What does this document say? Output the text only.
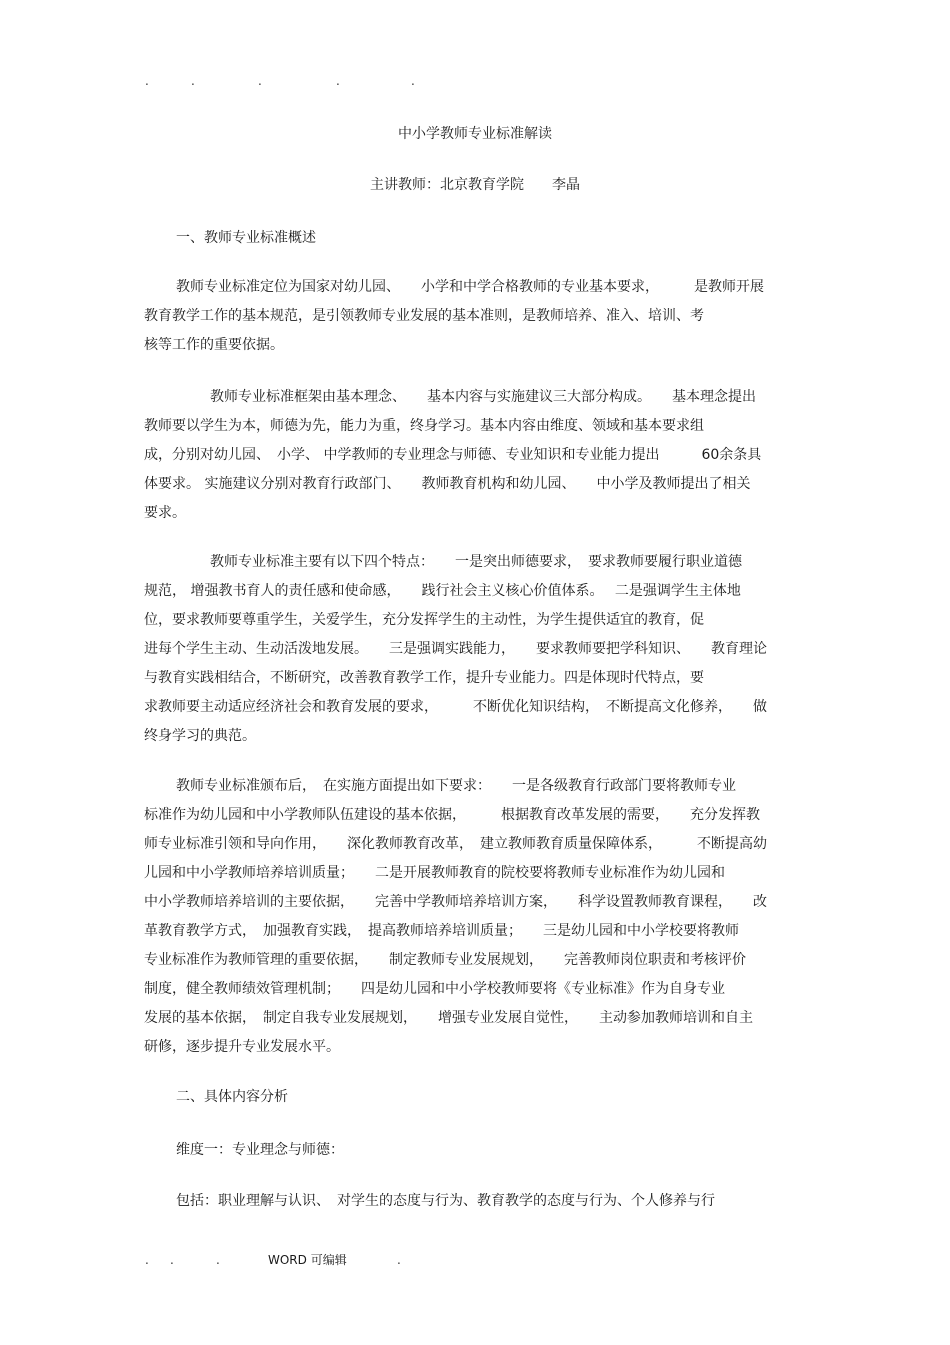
.	.	.	.	.
中小学教师专业标准解读
主讲教师：北京教育学院　　李晶
一、教师专业标准概述
教师专业标准定位为国家对幼儿园、　　小学和中学合格教师的专业基本要求，　　　是教师开展
教育教学工作的基本规范，是引领教师专业发展的基本准则，是教师培养、准入、培训、考
核等工作的重要依据。
教师专业标准框架由基本理念、　　基本内容与实施建议三大部分构成。　　基本理念提出
教师要以学生为本，师德为先，能力为重，终身学习。基本内容由维度、领域和基本要求组
成，分别对幼儿园、　小学、 中学教师的专业理念与师德、专业知识和专业能力提出　　　60余条具
体要求。 实施建议分别对教育行政部门、　　教师教育机构和幼儿园、　　中小学及教师提出了相关
要求。
教师专业标准主要有以下四个特点：　　一是突出师德要求，　要求教师要履行职业道德
规范， 增强教书育人的责任感和使命感，　　践行社会主义核心价值体系。　 二是强调学生主体地
位，要求教师要尊重学生，关爱学生，充分发挥学生的主动性，为学生提供适宜的教育，促
进每个学生主动、生动活泼地发展。　　三是强调实践能力，　　要求教师要把学科知识、　　教育理论
与教育实践相结合，不断研究，改善教育教学工作，提升专业能力。四是体现时代特点，要
求教师要主动适应经济社会和教育发展的要求，　　　不断优化知识结构，　不断提高文化修养，　　做
终身学习的典范。
教师专业标准颁布后，　在实施方面提出如下要求：　　一是各级教育行政部门要将教师专业
标准作为幼儿园和中小学教师队伍建设的基本依据，　　　根据教育改革发展的需要，　　充分发挥教
师专业标准引领和导向作用，　　深化教师教育改革，　建立教师教育质量保障体系，　　　不断提高幼
儿园和中小学教师培养培训质量；　　二是开展教师教育的院校要将教师专业标准作为幼儿园和
中小学教师培养培训的主要依据，　　完善中学教师培养培训方案，　　科学设置教师教育课程，　　改
革教育教学方式，　加强教育实践，　提高教师培养培训质量；　　三是幼儿园和中小学校要将教师
专业标准作为教师管理的重要依据，　　制定教师专业发展规划，　　完善教师岗位职责和考核评价
制度，健全教师绩效管理机制；　　四是幼儿园和中小学校教师要将《专业标准》作为自身专业
发展的基本依据，　制定自我专业发展规划，　　增强专业发展自觉性，　　主动参加教师培训和自主
研修，逐步提升专业发展水平。
二、具体内容分析
维度一：专业理念与师德：
包括：职业理解与认识、　对学生的态度与行为、教育教学的态度与行为、个人修养与行
. .	.	.
WORD 可编辑
